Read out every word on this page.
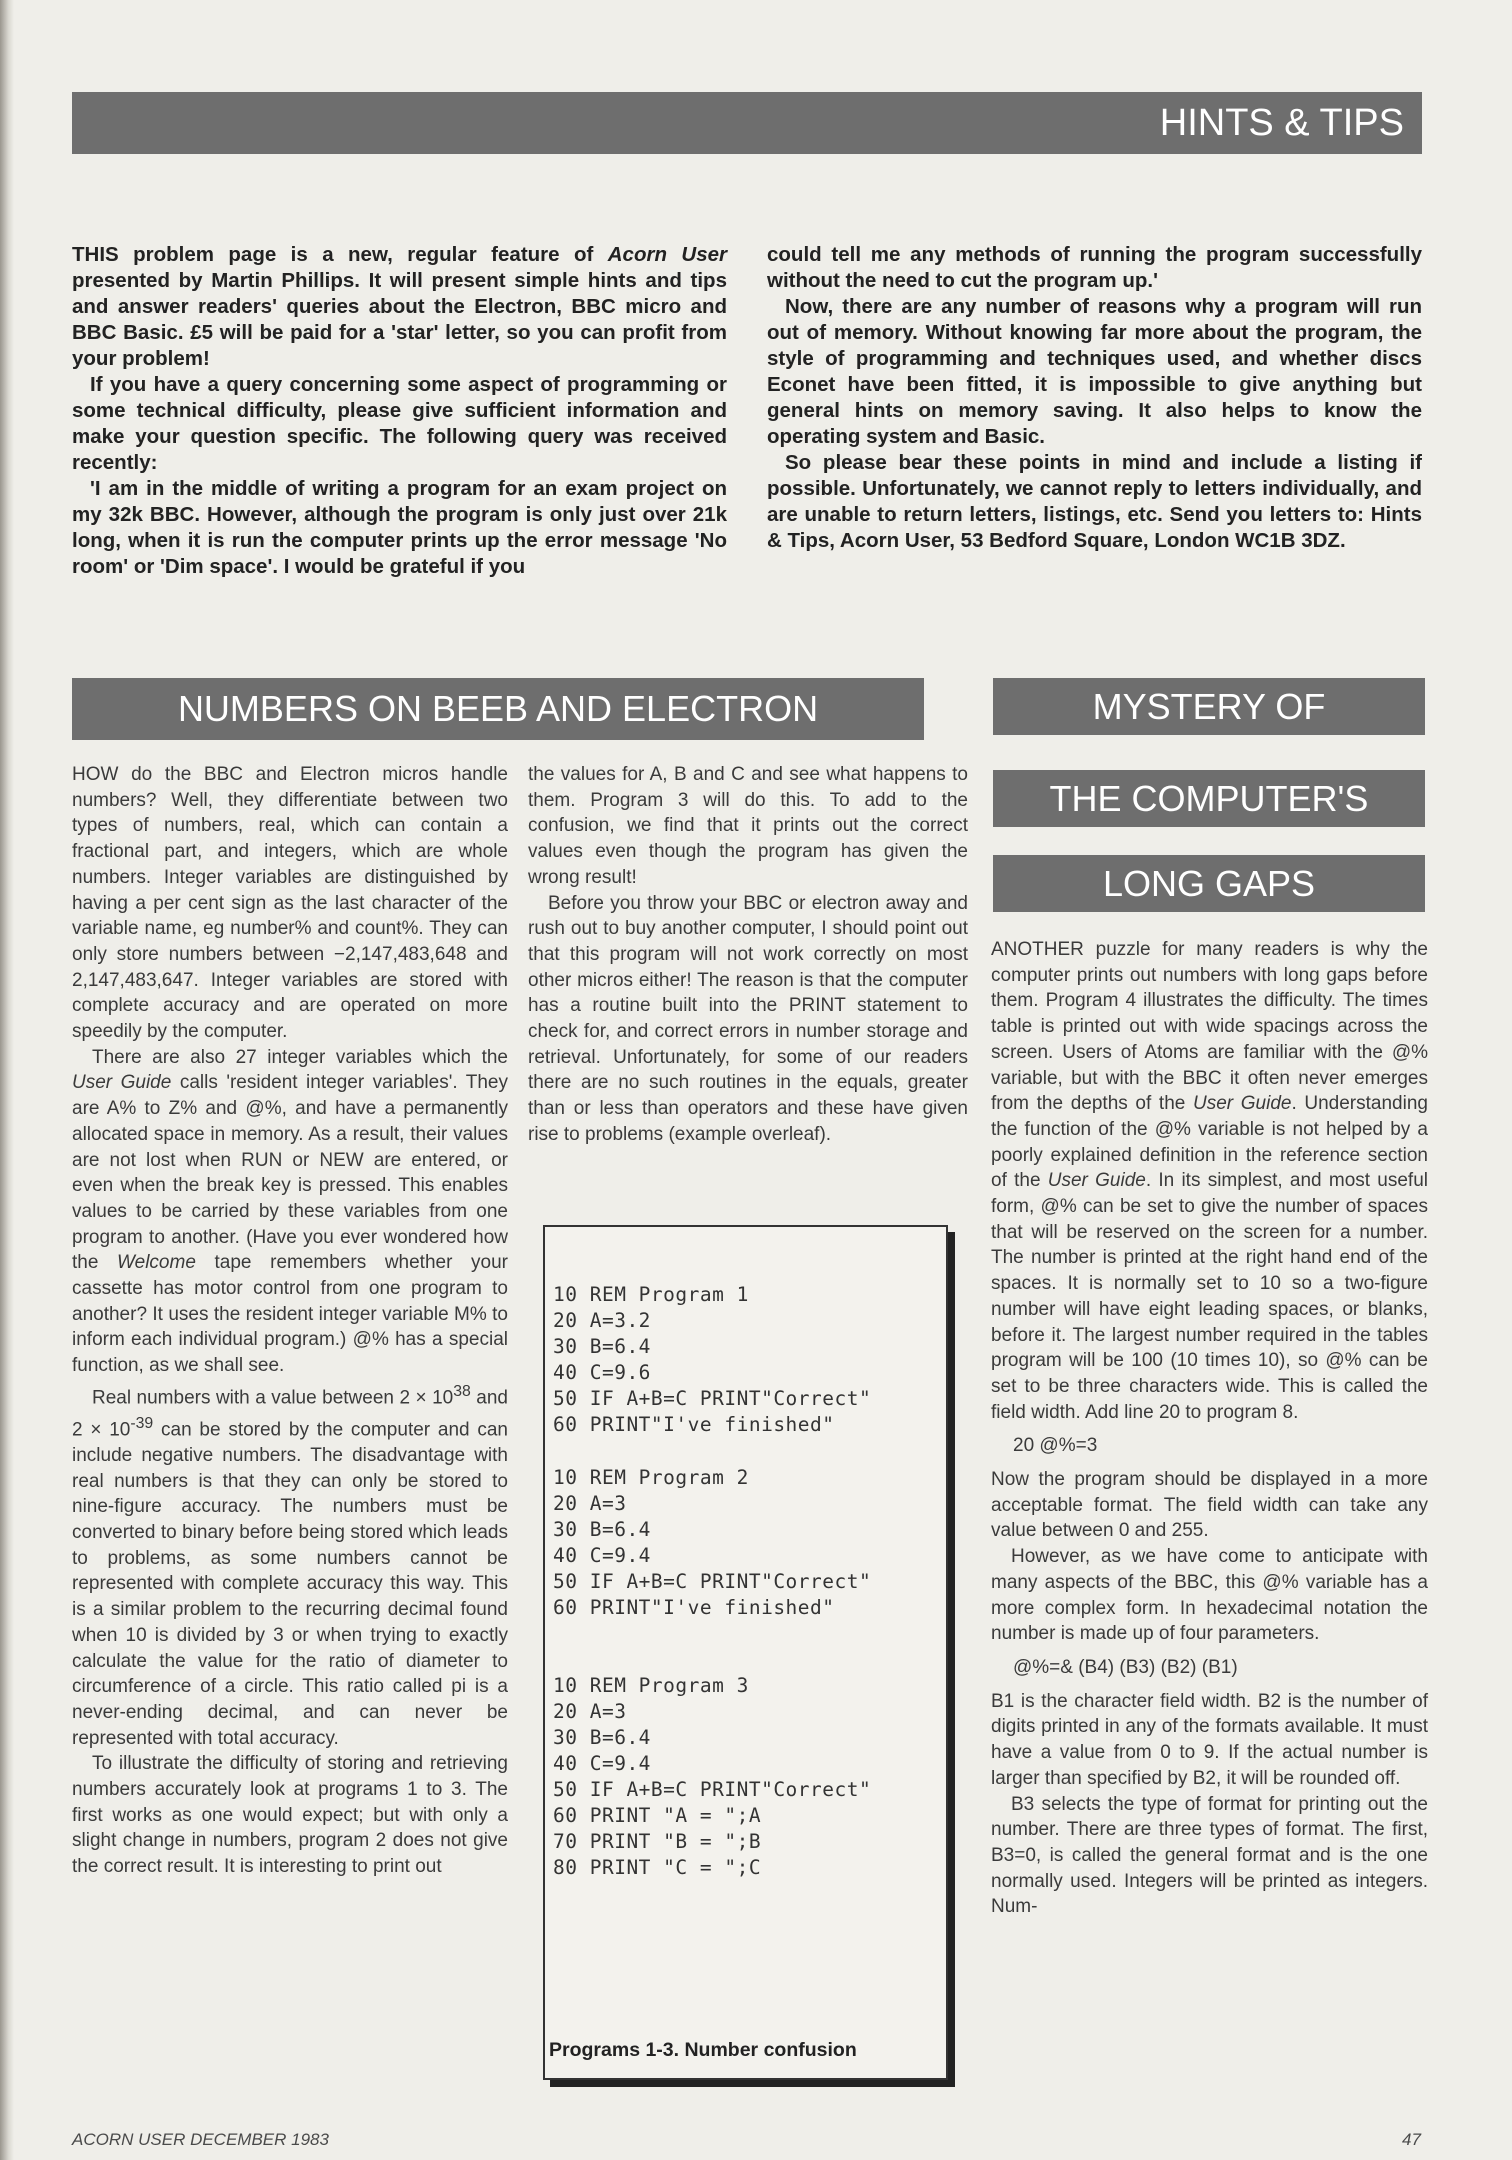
HINTS & TIPS

THIS problem page is a new, regular feature of Acorn User presented by Martin Phillips. It will present simple hints and tips and answer readers' queries about the Electron, BBC micro and BBC Basic. £5 will be paid for a 'star' letter, so you can profit from your problem!

If you have a query concerning some aspect of programming or some technical difficulty, please give sufficient information and make your question specific. The following query was received recently:

'I am in the middle of writing a program for an exam project on my 32k BBC. However, although the program is only just over 21k long, when it is run the computer prints up the error message 'No room' or 'Dim space'. I would be grateful if you

could tell me any methods of running the program successfully without the need to cut the program up.'

Now, there are any number of reasons why a program will run out of memory. Without knowing far more about the program, the style of programming and techniques used, and whether discs Econet have been fitted, it is impossible to give anything but general hints on memory saving. It also helps to know the operating system and Basic.

So please bear these points in mind and include a listing if possible. Unfortunately, we cannot reply to letters individually, and are unable to return letters, listings, etc. Send you letters to: Hints & Tips, Acorn User, 53 Bedford Square, London WC1B 3DZ.

NUMBERS ON BEEB AND ELECTRON

HOW do the BBC and Electron micros handle numbers? Well, they differentiate between two types of numbers, real, which can contain a fractional part, and integers, which are whole numbers. Integer variables are distinguished by having a per cent sign as the last character of the variable name, eg number% and count%. They can only store numbers between −2,147,483,648 and 2,147,483,647. Integer variables are stored with complete accuracy and are operated on more speedily by the computer.

There are also 27 integer variables which the User Guide calls 'resident integer variables'. They are A% to Z% and @%, and have a permanently allocated space in memory. As a result, their values are not lost when RUN or NEW are entered, or even when the break key is pressed. This enables values to be carried by these variables from one program to another. (Have you ever wondered how the Welcome tape remembers whether your cassette has motor control from one program to another? It uses the resident integer variable M% to inform each individual program.) @% has a special function, as we shall see.

Real numbers with a value between $2 \times 10^{38}$ and $2 \times 10^{-39}$ can be stored by the computer and can include negative numbers. The disadvantage with real numbers is that they can only be stored to nine-figure accuracy. The numbers must be converted to binary before being stored which leads to problems, as some numbers cannot be represented with complete accuracy this way. This is a similar problem to the recurring decimal found when 10 is divided by 3 or when trying to exactly calculate the value for the ratio of diameter to circumference of a circle. This ratio called pi is a never-ending decimal, and can never be represented with total accuracy.

To illustrate the difficulty of storing and retrieving numbers accurately look at programs 1 to 3. The first works as one would expect; but with only a slight change in numbers, program 2 does not give the correct result. It is interesting to print out

the values for A, B and C and see what happens to them. Program 3 will do this. To add to the confusion, we find that it prints out the correct values even though the program has given the wrong result!

Before you throw your BBC or electron away and rush out to buy another computer, I should point out that this program will not work correctly on most other micros either! The reason is that the computer has a routine built into the PRINT statement to check for, and correct errors in number storage and retrieval. Unfortunately, for some of our readers there are no such routines in the equals, greater than or less than operators and these have given rise to problems (example overleaf).

10 REM Program 1
20 A=3.2
30 B=6.4
40 C=9.6
50 IF A+B=C PRINT"Correct"
60 PRINT"I've finished"
10 REM Program 2
20 A=3
30 B=6.4
40 C=9.4
50 IF A+B=C PRINT"Correct"
60 PRINT"I've finished"
10 REM Program 3
20 A=3
30 B=6.4
40 C=9.4
50 IF A+B=C PRINT"Correct"
60 PRINT "A = ";A
70 PRINT "B = ";B
80 PRINT "C = ";C
Programs 1-3. Number confusion
MYSTERY OF
THE COMPUTER'S
LONG GAPS

ANOTHER puzzle for many readers is why the computer prints out numbers with long gaps before them. Program 4 illustrates the difficulty. The times table is printed out with wide spacings across the screen. Users of Atoms are familiar with the @% variable, but with the BBC it often never emerges from the depths of the User Guide. Understanding the function of the @% variable is not helped by a poorly explained definition in the reference section of the User Guide. In its simplest, and most useful form, @% can be set to give the number of spaces that will be reserved on the screen for a number. The number is printed at the right hand end of the spaces. It is normally set to 10 so a two-figure number will have eight leading spaces, or blanks, before it. The largest number required in the tables program will be 100 (10 times 10), so @% can be set to be three characters wide. This is called the field width. Add line 20 to program 8.

20 @%=3

Now the program should be displayed in a more acceptable format. The field width can take any value between 0 and 255.

However, as we have come to anticipate with many aspects of the BBC, this @% variable has a more complex form. In hexadecimal notation the number is made up of four parameters.

@%=& (B4) (B3) (B2) (B1)

B1 is the character field width. B2 is the number of digits printed in any of the formats available. It must have a value from 0 to 9. If the actual number is larger than specified by B2, it will be rounded off.

B3 selects the type of format for printing out the number. There are three types of format. The first, B3=0, is called the general format and is the one normally used. Integers will be printed as integers. Num-

ACORN USER DECEMBER 1983	47
